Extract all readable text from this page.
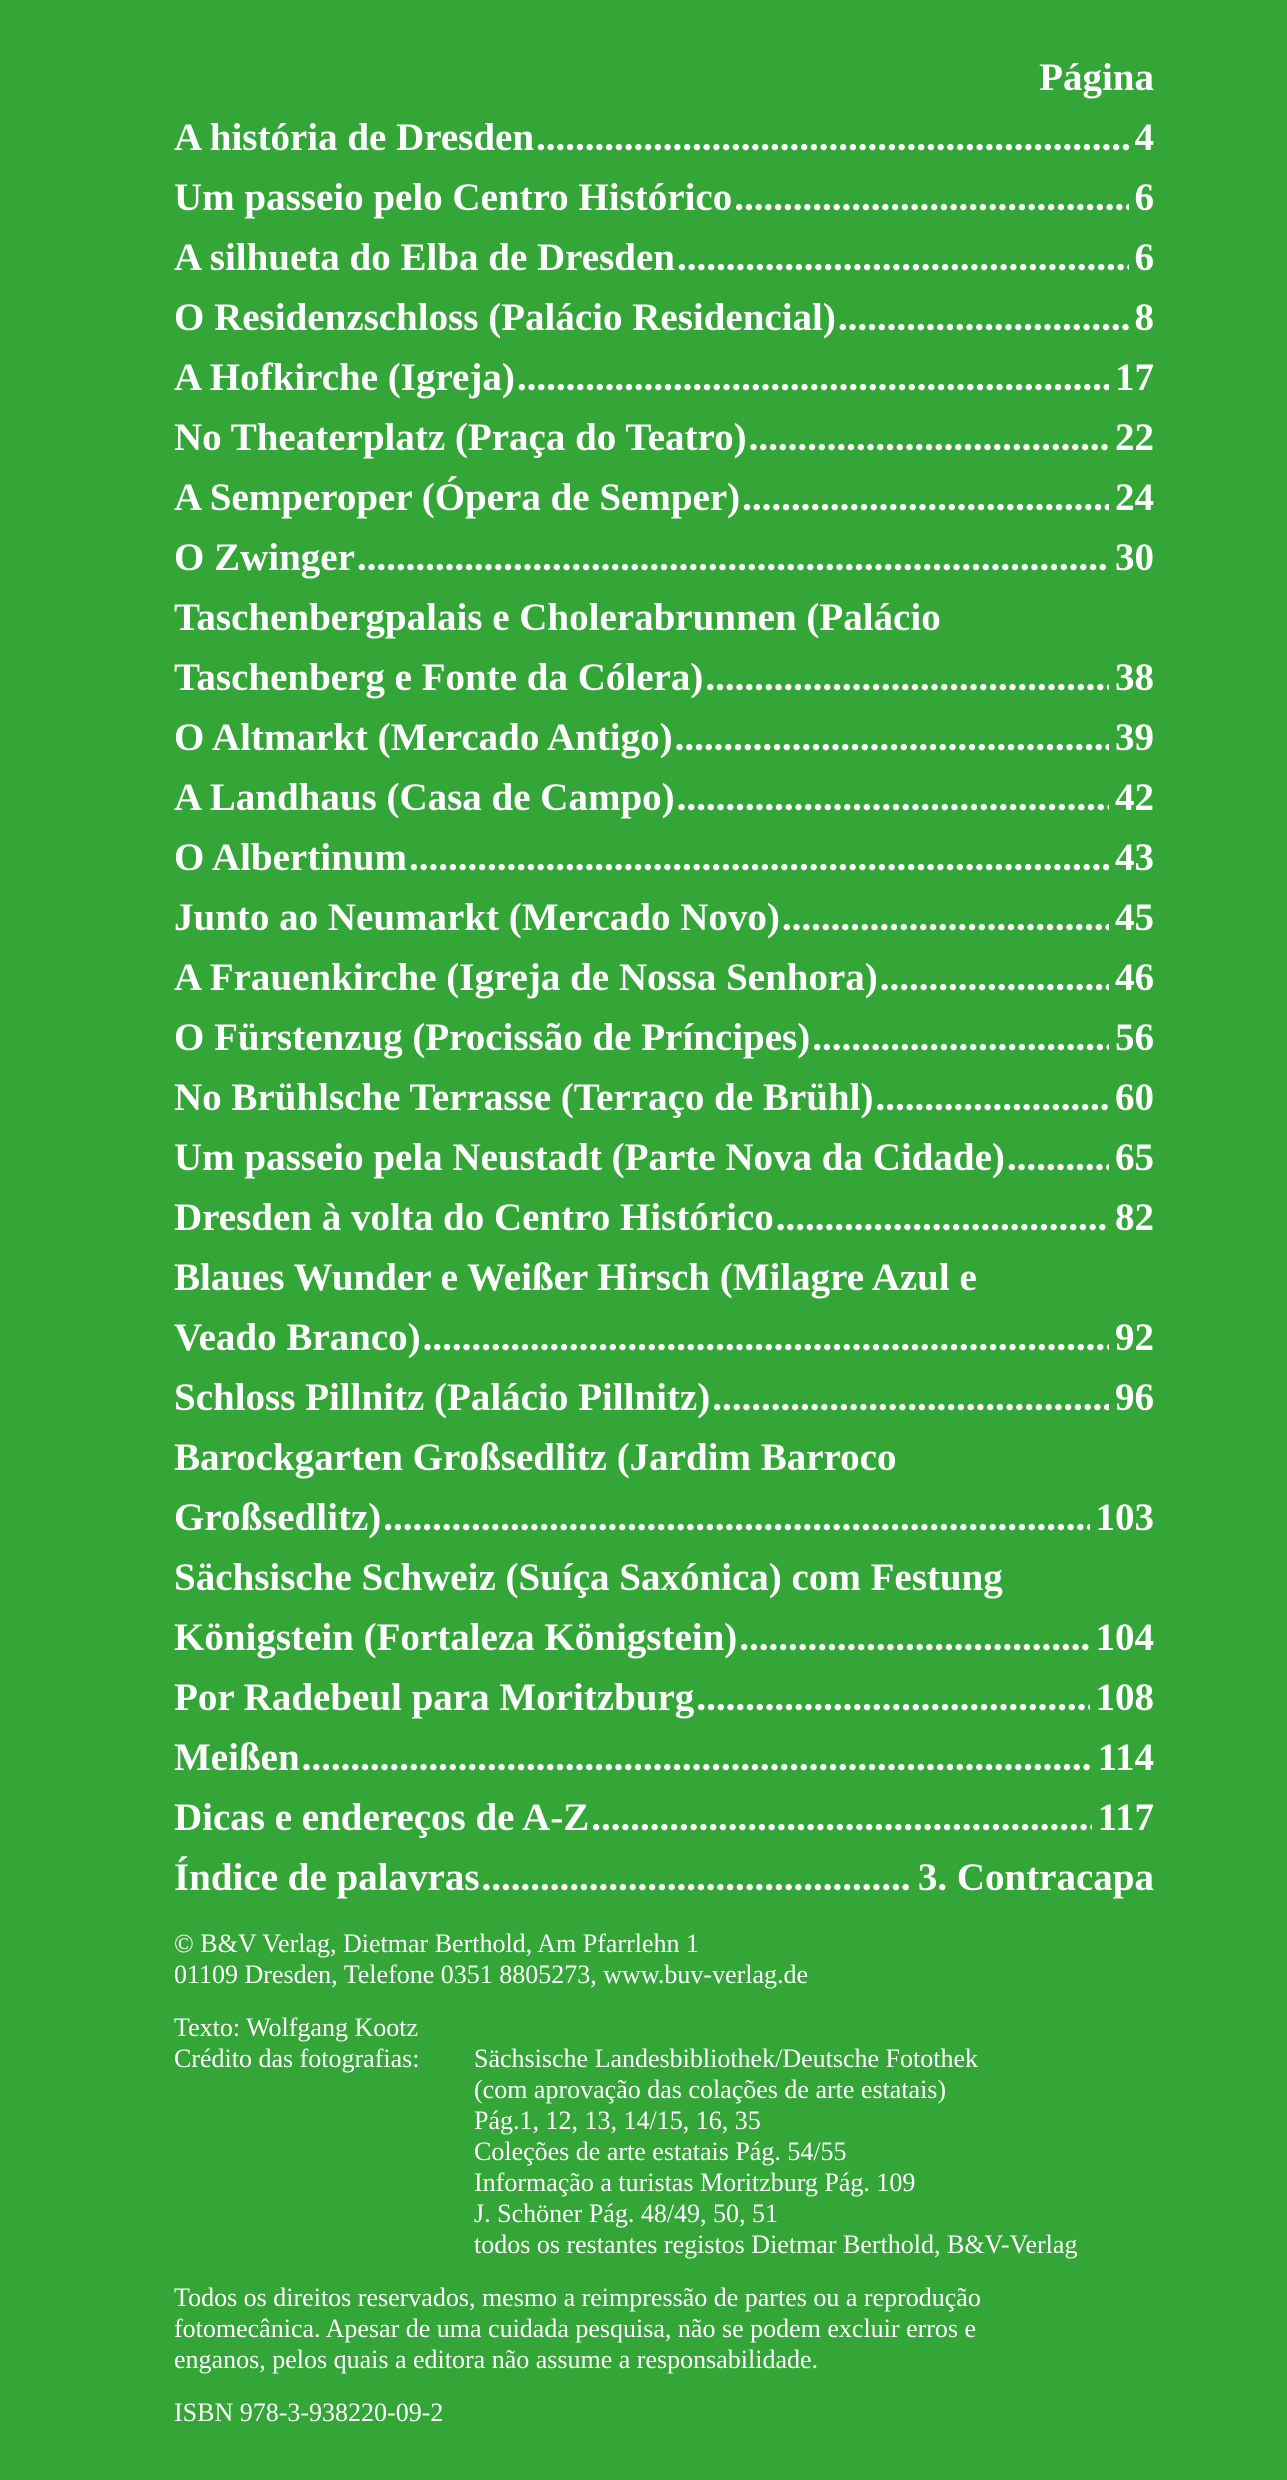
Página
A história de Dresden .....	4
Um passeio pelo Centro Histórico .....	6
A silhueta do Elba de Dresden .....	6
O Residenzschloss (Palácio Residencial) .....	8
A Hofkirche (Igreja) .....	17
No Theaterplatz (Praça do Teatro) .....	22
A Semperoper (Ópera de Semper) .....	24
O Zwinger .....	30
Taschenbergpalais e Cholerabrunnen (Palácio
Taschenberg e Fonte da Cólera) .....	38
O Altmarkt (Mercado Antigo) .....	39
A Landhaus (Casa de Campo) .....	42
O Albertinum .....	43
Junto ao Neumarkt (Mercado Novo) .....	45
A Frauenkirche (Igreja de Nossa Senhora) .....	46
O Fürstenzug (Procissão de Príncipes) .....	56
No Brühlsche Terrasse (Terraço de Brühl) .....	60
Um passeio pela Neustadt (Parte Nova da Cidade) .....	65
Dresden à volta do Centro Histórico .....	82
Blaues Wunder e Weißer Hirsch (Milagre Azul e
Veado Branco) .....	92
Schloss Pillnitz (Palácio Pillnitz) .....	96
Barockgarten Großsedlitz (Jardim Barroco
Großsedlitz) .....	103
Sächsische Schweiz (Suíça Saxónica) com Festung
Königstein (Fortaleza Königstein) .....	104
Por Radebeul para Moritzburg .....	108
Meißen .....	114
Dicas e endereços de A-Z .....	117
Índice de palavras .....	3. Contracapa

© B&V Verlag, Dietmar Berthold, Am Pfarrlehn 1

01109 Dresden, Telefone 0351 8805273, www.buv-verlag.de

Texto: Wolfgang Kootz

Crédito das fotografias:	Sächsische Landesbibliothek/Deutsche Fotothek

(com aprovação das colações de arte estatais)

Pág.1, 12, 13, 14/15, 16, 35

Coleções de arte estatais Pág. 54/55

Informação a turistas Moritzburg Pág. 109

J. Schöner Pág. 48/49, 50, 51

todos os restantes registos Dietmar Berthold, B&V-Verlag

Todos os direitos reservados, mesmo a reimpressão de partes ou a reprodução

fotomecânica. Apesar de uma cuidada pesquisa, não se podem excluir erros e

enganos, pelos quais a editora não assume a responsabilidade.

ISBN 978-3-938220-09-2
